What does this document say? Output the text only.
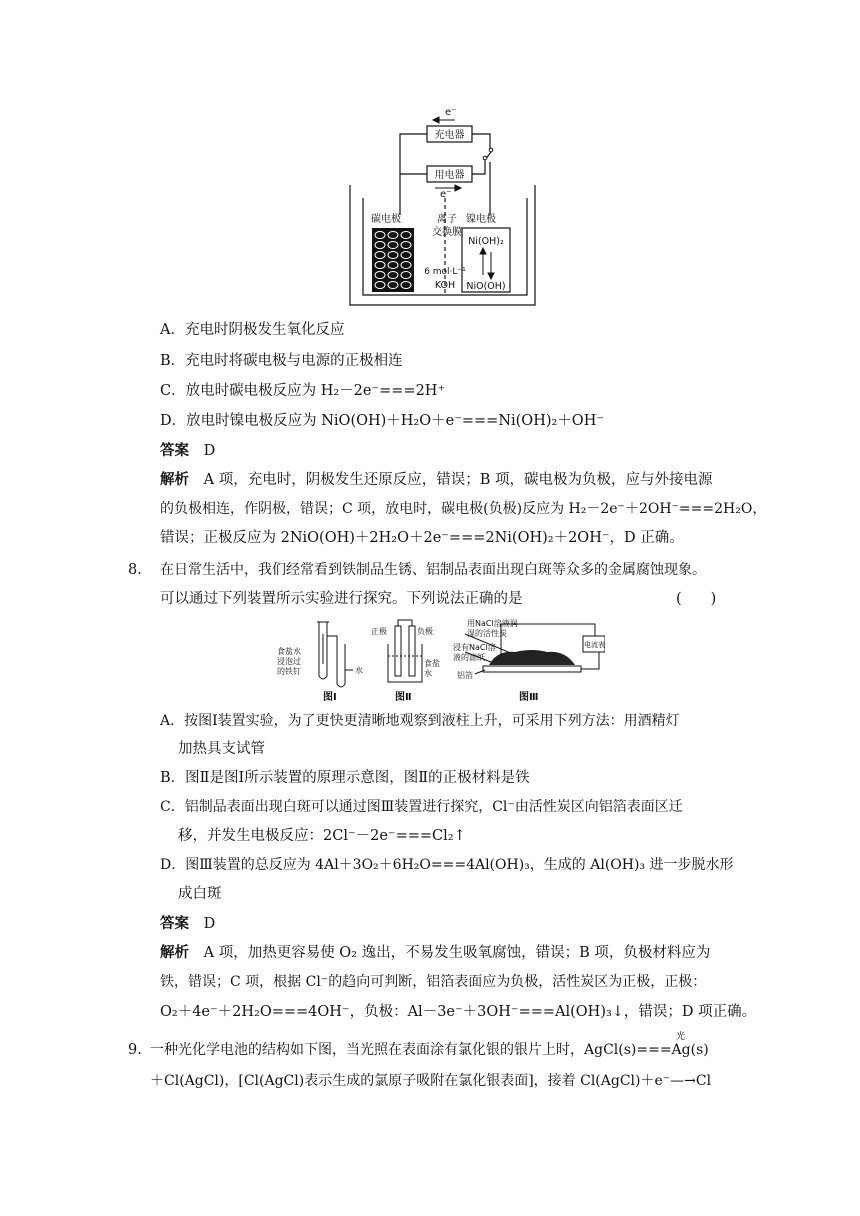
e⁻
充电器
用电器
e⁻
碳电极	离子
交换膜
镍电极
Ni(OH)₂
NiO(OH)
6 mol·L⁻¹
KOH
A．充电时阴极发生氧化反应
B．充电时将碳电极与电源的正极相连
C．放电时碳电极反应为 H₂－2e⁻===2H⁺
D．放电时镍电极反应为 NiO(OH)＋H₂O＋e⁻===Ni(OH)₂＋OH⁻
答案 D
解析 A 项，充电时，阴极发生还原反应，错误；B 项，碳电极为负极，应与外接电源
的负极相连，作阴极，错误；C 项，放电时，碳电极(负极)反应为 H₂－2e⁻＋2OH⁻===2H₂O，
错误；正极反应为 2NiO(OH)＋2H₂O＋2e⁻===2Ni(OH)₂＋2OH⁻，D 正确。
8. 在日常生活中，我们经常看到铁制品生锈、铝制品表面出现白斑等众多的金属腐蚀现象。
可以通过下列装置所示实验进行探究。下列说法正确的是	(　　)
食盐水
浸泡过
的铁钉	水
正极	负极
食盐
水
用NaCl溶液润
湿的活性炭
浸有NaCl溶
液的滤纸
铝箔
电流表
图Ⅰ	图Ⅱ	图Ⅲ
A．按图Ⅰ装置实验，为了更快更清晰地观察到液柱上升，可采用下列方法：用酒精灯
加热具支试管
B．图Ⅱ是图Ⅰ所示装置的原理示意图，图Ⅱ的正极材料是铁
C．铝制品表面出现白斑可以通过图Ⅲ装置进行探究，Cl⁻由活性炭区向铝箔表面区迁
移，并发生电极反应：2Cl⁻－2e⁻===Cl₂↑
D．图Ⅲ装置的总反应为 4Al＋3O₂＋6H₂O===4Al(OH)₃，生成的 Al(OH)₃ 进一步脱水形
成白斑
答案 D
解析 A 项，加热更容易使 O₂ 逸出，不易发生吸氧腐蚀，错误；B 项，负极材料应为
铁，错误；C 项，根据 Cl⁻的趋向可判断，铝箔表面应为负极，活性炭区为正极，正极：
O₂＋4e⁻＋2H₂O===4OH⁻，负极：Al－3e⁻＋3OH⁻===Al(OH)₃↓，错误；D 项正确。
9. 一种光化学电池的结构如下图，当光照在表面涂有氯化银的银片上时，AgCl(s)===Ag(s)
光
＋Cl(AgCl)，[Cl(AgCl)表示生成的氯原子吸附在氯化银表面]，接着 Cl(AgCl)＋e⁻—→Cl
